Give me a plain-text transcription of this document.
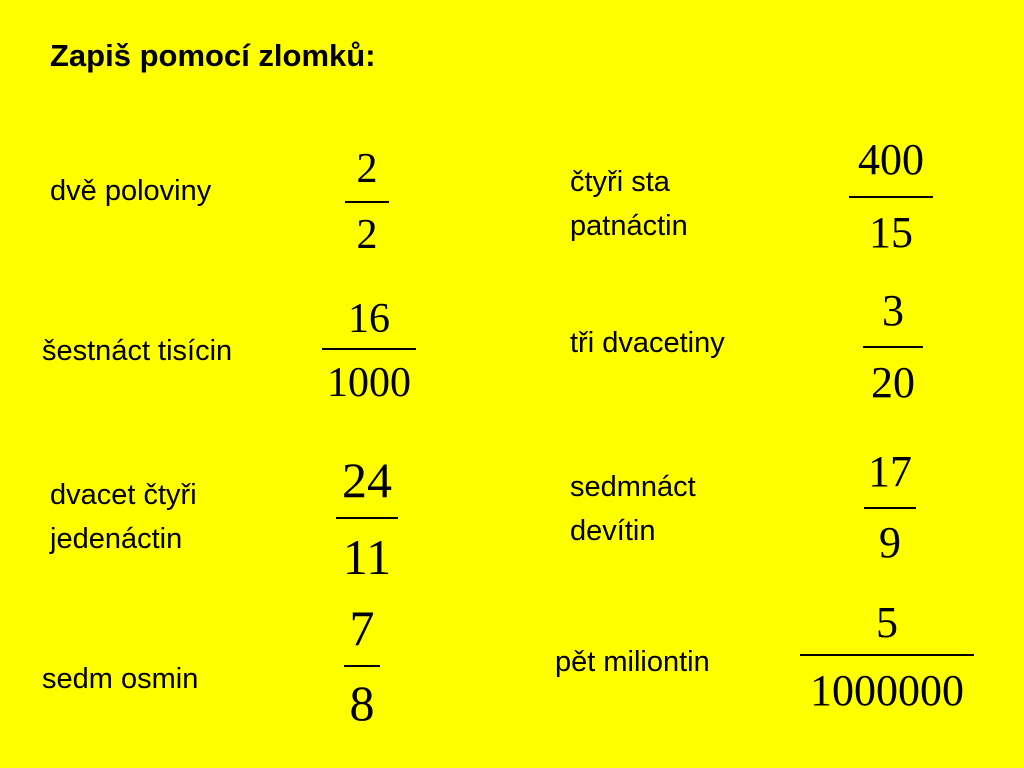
Zapiš pomocí zlomků:
dvě poloviny	2
2
šestnáct tisícin
16
1000
dvacet čtyři
jedenáctin
24
11
sedm osmin
7
8
čtyři sta
patnáctin
400
15
tři dvacetiny
3
20
sedmnáct
devítin
17
9
pět miliontin
5
1000000
